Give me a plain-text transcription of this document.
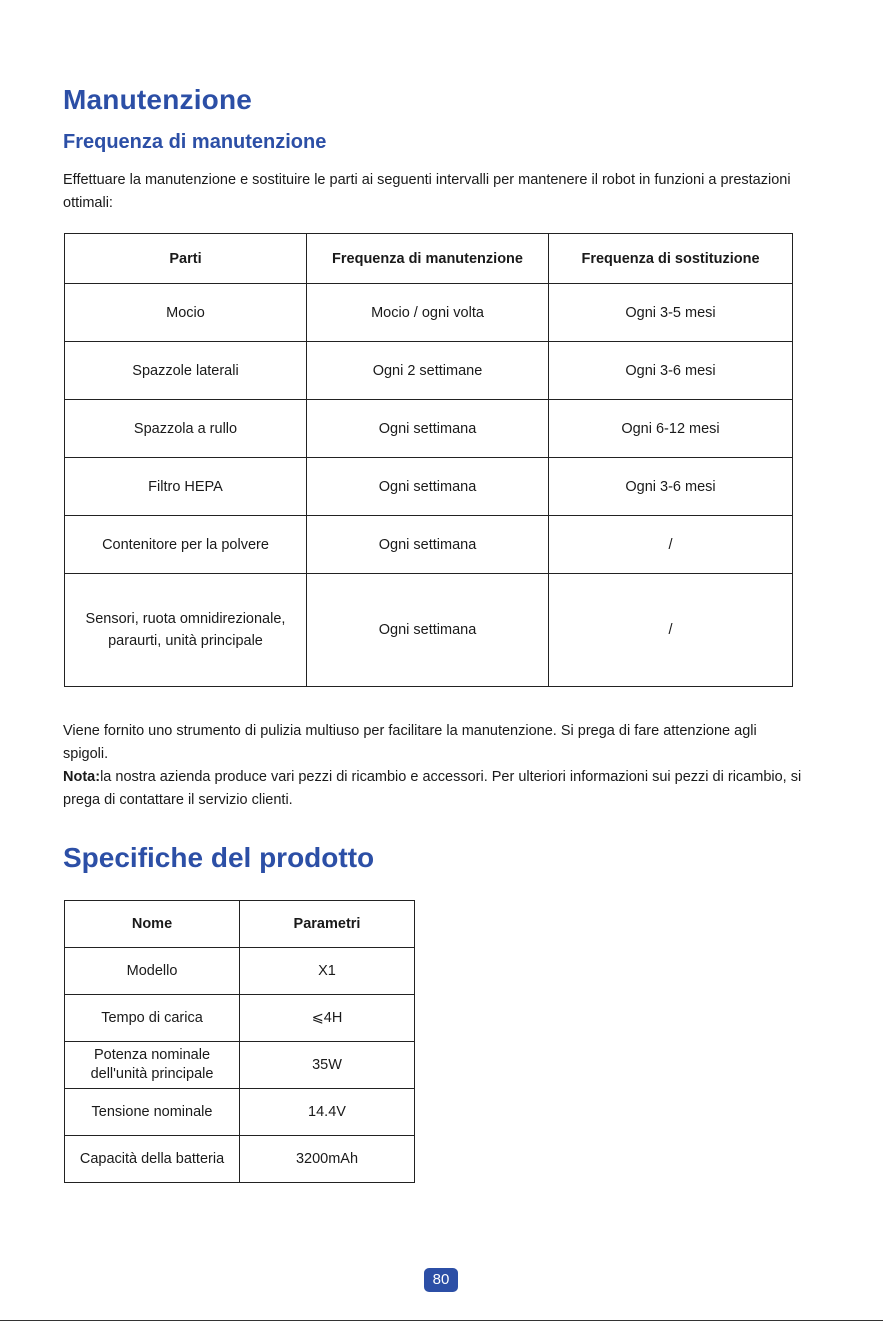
Manutenzione
Frequenza di manutenzione
Effettuare la manutenzione e sostituire le parti ai seguenti intervalli per mantenere il robot in funzioni a prestazioni ottimali:
Parti	Frequenza di manutenzione	Frequenza di sostituzione
Mocio	Mocio / ogni volta	Ogni 3-5 mesi
Spazzole laterali	Ogni 2 settimane	Ogni 3-6 mesi
Spazzola a rullo	Ogni settimana	Ogni 6-12 mesi
Filtro HEPA	Ogni settimana	Ogni 3-6 mesi
Contenitore per la polvere	Ogni settimana	/
Sensori, ruota omnidirezionale, paraurti, unità principale	Ogni settimana	/
Viene fornito uno strumento di pulizia multiuso per facilitare la manutenzione. Si prega di fare attenzione agli spigoli.
Nota:la nostra azienda produce vari pezzi di ricambio e accessori. Per ulteriori informazioni sui pezzi di ricambio, si prega di contattare il servizio clienti.
Specifiche del prodotto
Nome	Parametri
Modello	X1
Tempo di carica	⩽4H
Potenza nominale dell'unità principale	35W
Tensione nominale	14.4V
Capacità della batteria	3200mAh
80
